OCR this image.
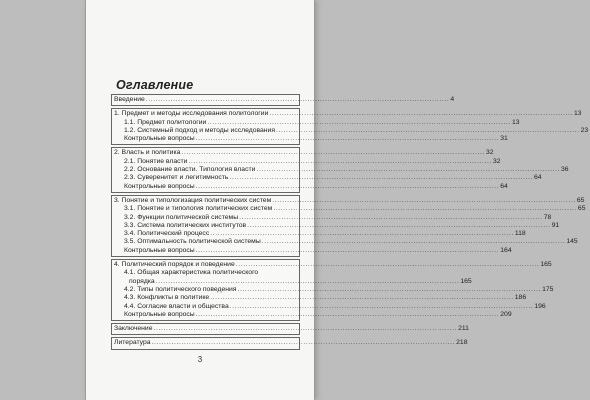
Оглавление
Введение .....	4
1. Предмет и методы исследования политологии .....	13
1.1. Предмет политологии .....	13
1.2. Системный подход и методы исследования .....	23
Контрольные вопросы .....	31
2. Власть и политика .....	32
2.1. Понятие власти .....	32
2.2. Основание власти. Типология власти .....	36
2.3. Суверенитет и легитимность .....	64
Контрольные вопросы .....	64
3. Понятие и типологизация политических систем .....	65
3.1. Понятие и типология политических систем .....	65
3.2. Функции политической системы .....	78
3.3. Система политических институтов .....	91
3.4. Политический процесс .....	118
3.5. Оптимальность политической системы .....	145
Контрольные вопросы .....	164
4. Политический порядок и поведение .....	165
4.1. Общая характеристика политического
порядка .....	165
4.2. Типы политического поведения .....	175
4.3. Конфликты в политике .....	186
4.4. Согласие власти и общества .....	196
Контрольные вопросы .....	209
Заключение .....	211
Литература .....	218
3
